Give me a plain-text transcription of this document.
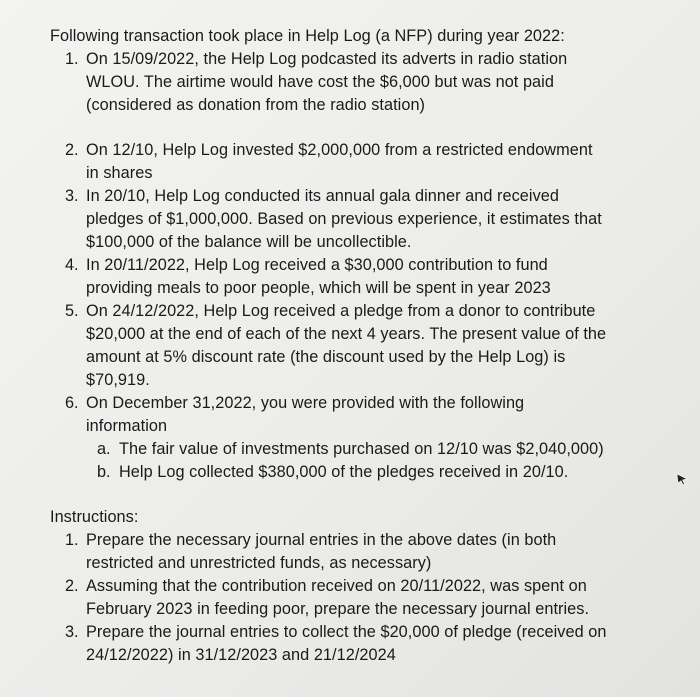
Following transaction took place in Help Log (a NFP) during year 2022:
1. On 15/09/2022, the Help Log podcasted its adverts in radio station
WLOU. The airtime would have cost the $6,000 but was not paid
(considered as donation from the radio station)
2. On 12/10, Help Log invested $2,000,000 from a restricted endowment
in shares
3. In 20/10, Help Log conducted its annual gala dinner and received
pledges of $1,000,000. Based on previous experience, it estimates that
$100,000 of the balance will be uncollectible.
4. In 20/11/2022, Help Log received a $30,000 contribution to fund
providing meals to poor people, which will be spent in year 2023
5. On 24/12/2022, Help Log received a pledge from a donor to contribute
$20,000 at the end of each of the next 4 years. The present value of the
amount at 5% discount rate (the discount used by the Help Log) is
$70,919.
6. On December 31,2022, you were provided with the following
information
a. The fair value of investments purchased on 12/10 was $2,040,000)
b. Help Log collected $380,000 of the pledges received in 20/10.
Instructions:
1. Prepare the necessary journal entries in the above dates (in both
restricted and unrestricted funds, as necessary)
2. Assuming that the contribution received on 20/11/2022, was spent on
February 2023 in feeding poor, prepare the necessary journal entries.
3. Prepare the journal entries to collect the $20,000 of pledge (received on
24/12/2022) in 31/12/2023 and 21/12/2024
